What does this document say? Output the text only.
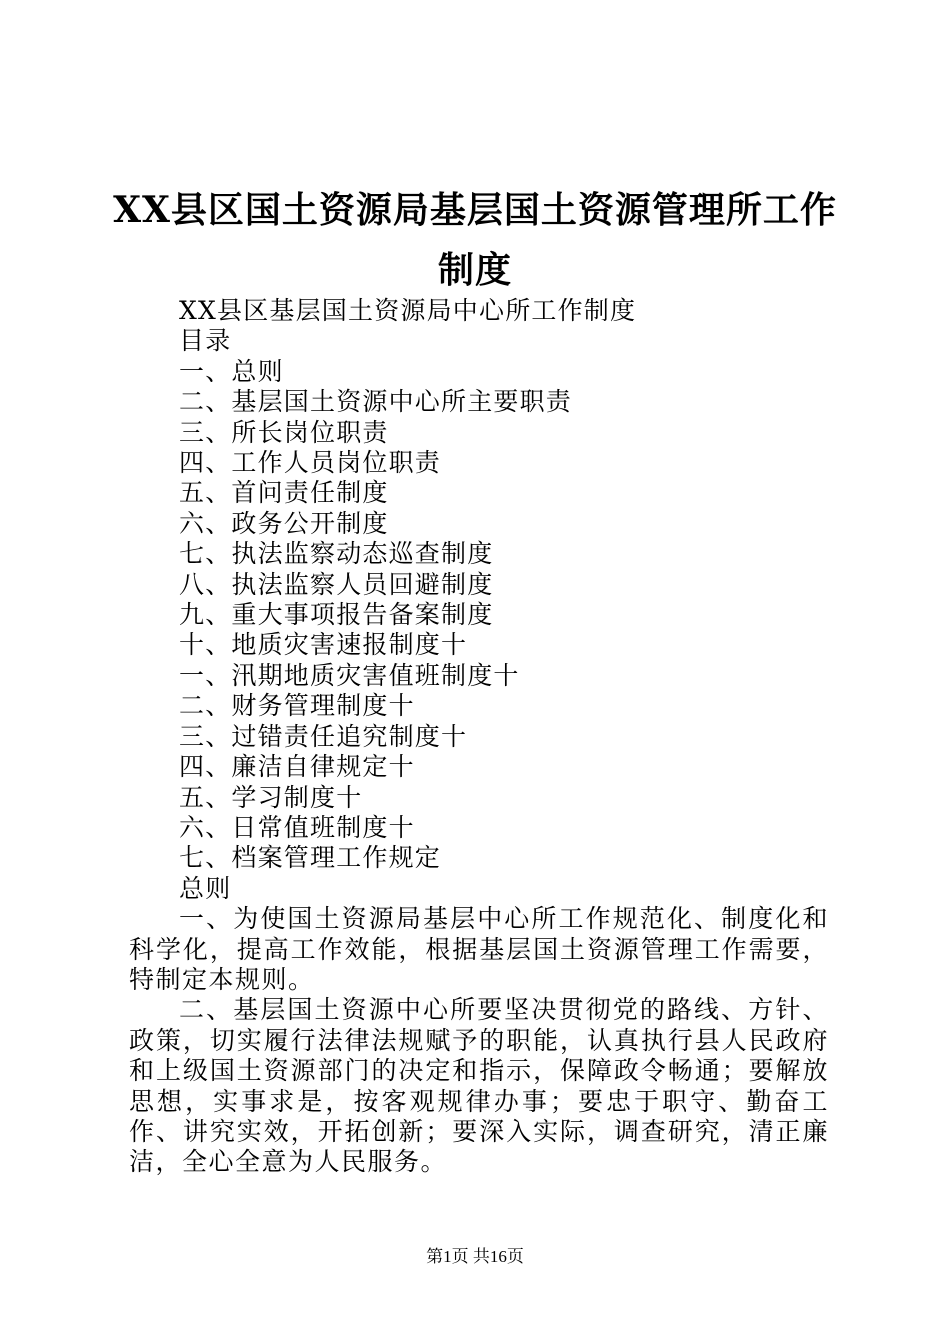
XX县区国土资源局基层国土资源管理所工作
制度
XX县区基层国土资源局中心所工作制度
目录
一、总则
二、基层国土资源中心所主要职责
三、所长岗位职责
四、工作人员岗位职责
五、首问责任制度
六、政务公开制度
七、执法监察动态巡查制度
八、执法监察人员回避制度
九、重大事项报告备案制度
十、地质灾害速报制度十
一、汛期地质灾害值班制度十
二、财务管理制度十
三、过错责任追究制度十
四、廉洁自律规定十
五、学习制度十
六、日常值班制度十
七、档案管理工作规定
总则
一、为使国土资源局基层中心所工作规范化、制度化和科学化，提高工作效能，根据基层国土资源管理工作需要，特制定本规则。
二、基层国土资源中心所要坚决贯彻党的路线、方针、政策，切实履行法律法规赋予的职能，认真执行县人民政府和上级国土资源部门的决定和指示，保障政令畅通；要解放思想，实事求是，按客观规律办事；要忠于职守、勤奋工作、讲究实效，开拓创新；要深入实际，调查研究，清正廉洁，全心全意为人民服务。
第1页 共16页
